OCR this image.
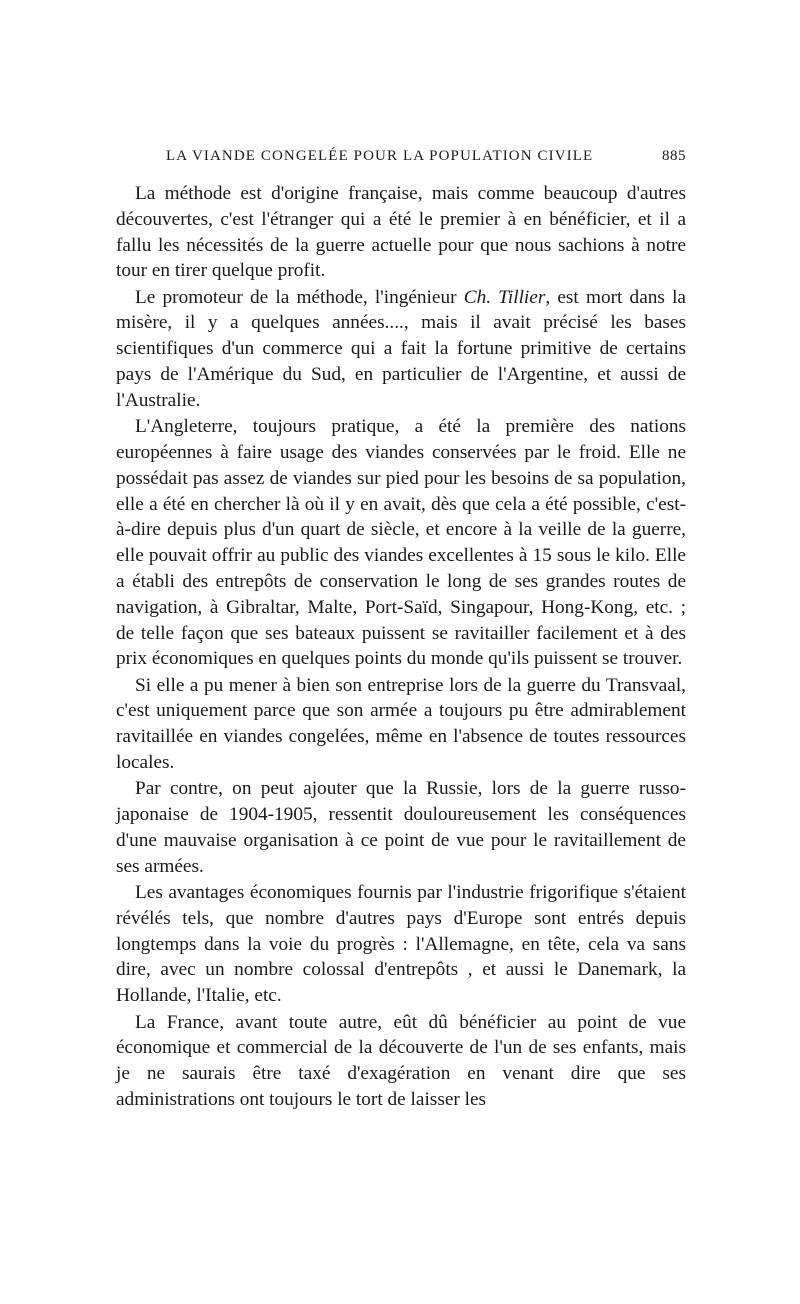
LA VIANDE CONGELÉE POUR LA POPULATION CIVILE	885

La méthode est d'origine française, mais comme beaucoup d'autres découvertes, c'est l'étranger qui a été le premier à en bénéficier, et il a fallu les nécessités de la guerre actuelle pour que nous sachions à notre tour en tirer quelque profit.

Le promoteur de la méthode, l'ingénieur Ch. Tillier, est mort dans la misère, il y a quelques années...., mais il avait précisé les bases scientifiques d'un commerce qui a fait la fortune primitive de certains pays de l'Amérique du Sud, en particulier de l'Argentine, et aussi de l'Australie.

L'Angleterre, toujours pratique, a été la première des nations européennes à faire usage des viandes conservées par le froid. Elle ne possédait pas assez de viandes sur pied pour les besoins de sa population, elle a été en chercher là où il y en avait, dès que cela a été possible, c'est-à-dire depuis plus d'un quart de siècle, et encore à la veille de la guerre, elle pouvait offrir au public des viandes excellentes à 15 sous le kilo. Elle a établi des entrepôts de conservation le long de ses grandes routes de navigation, à Gibraltar, Malte, Port-Saïd, Singapour, Hong-Kong, etc. ; de telle façon que ses bateaux puissent se ravitailler facilement et à des prix économiques en quelques points du monde qu'ils puissent se trouver.

Si elle a pu mener à bien son entreprise lors de la guerre du Transvaal, c'est uniquement parce que son armée a toujours pu être admirablement ravitaillée en viandes congelées, même en l'absence de toutes ressources locales.

Par contre, on peut ajouter que la Russie, lors de la guerre russo-japonaise de 1904-1905, ressentit douloureusement les conséquences d'une mauvaise organisation à ce point de vue pour le ravitaillement de ses armées.

Les avantages économiques fournis par l'industrie frigorifique s'étaient révélés tels, que nombre d'autres pays d'Europe sont entrés depuis longtemps dans la voie du progrès : l'Allemagne, en tête, cela va sans dire, avec un nombre colossal d'entrepôts , et aussi le Danemark, la Hollande, l'Italie, etc.

La France, avant toute autre, eût dû bénéficier au point de vue économique et commercial de la découverte de l'un de ses enfants, mais je ne saurais être taxé d'exagération en venant dire que ses administrations ont toujours le tort de laisser les
